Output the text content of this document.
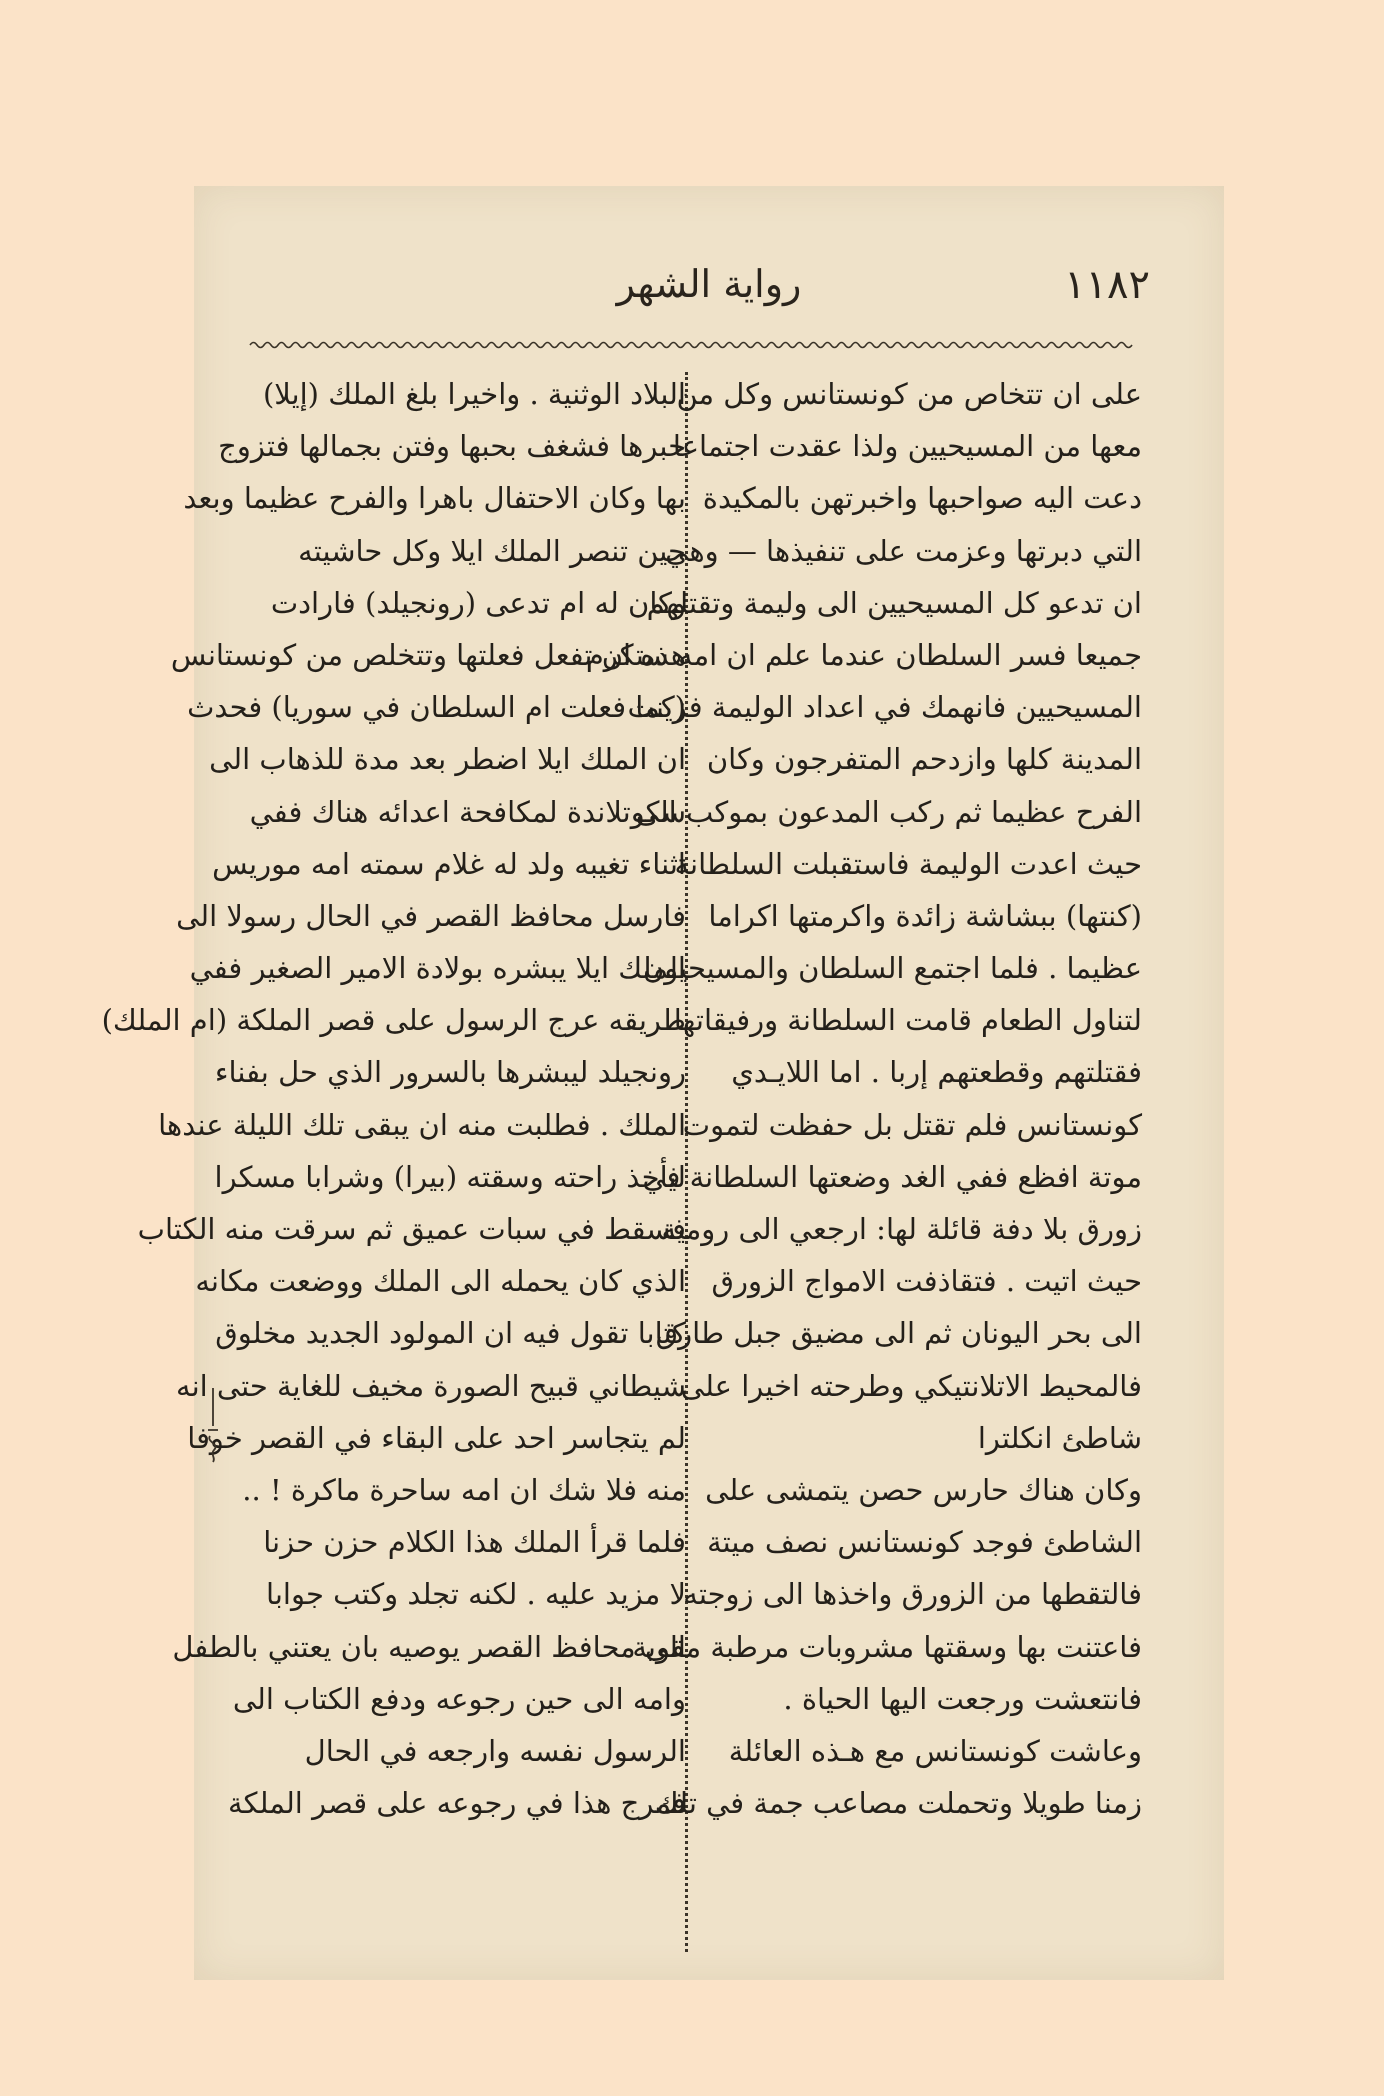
رواية الشهر	١١٨٢
على ان تتخاص من كونستانس وكل من
معها من المسيحيين ولذا عقدت اجتماعا
دعت اليه صواحبها واخبرتهن بالمكيدة
التي دبرتها وعزمت على تنفيذها — وهي
ان تدعو كل المسيحيين الى وليمة وتقتلهم
جميعا فسر السلطان عندما علم ان امه ستكرم
المسيحيين فانهمك في اعداد الوليمة فزينت
المدينة كلها وازدحم المتفرجون وكان
الفرح عظيما ثم ركب المدعون بموكب الى
حيث اعدت الوليمة فاستقبلت السلطانة
(كنتها) ببشاشة زائدة واكرمتها اكراما
عظيما . فلما اجتمع السلطان والمسيحيون
لتناول الطعام قامت السلطانة ورفيقاتها
فقتلتهم وقطعتهم إربا . اما اللايـدي
كونستانس فلم تقتل بل حفظت لتموت
موتة افظع ففي الغد وضعتها السلطانة في
زورق بلا دفة قائلة لها: ارجعي الى رومية
حيث اتيت . فتقاذفت الامواج الزورق
الى بحر اليونان ثم الى مضيق جبل طارق
فالمحيط الاتلانتيكي وطرحته اخيرا على
شاطئ انكلترا
وكان هناك حارس حصن يتمشى على
الشاطئ فوجد كونستانس نصف ميتة
فالتقطها من الزورق واخذها الى زوجته
فاعتنت بها وسقتها مشروبات مرطبة مقوية
فانتعشت ورجعت اليها الحياة .
وعاشت كونستانس مع هـذه العائلة
زمنا طويلا وتحملت مصاعب جمة في تلك
البلاد الوثنية . واخيرا بلغ الملك (إيلا)
خبرها فشغف بحبها وفتن بجمالها فتزوج
بها وكان الاحتفال باهرا والفرح عظيما وبعد
حين تنصر الملك ايلا وكل حاشيته
وكان له ام تدعى (رونجيلد) فارادت
هذه ان تفعل فعلتها وتتخلص من كونستانس
(كما فعلت ام السلطان في سوريا) فحدث
ان الملك ايلا اضطر بعد مدة للذهاب الى
سكوتلاندة لمكافحة اعدائه هناك ففي
اثناء تغيبه ولد له غلام سمته امه موريس
فارسل محافظ القصر في الحال رسولا الى
الملك ايلا يبشره بولادة الامير الصغير ففي
طريقه عرج الرسول على قصر الملكة (ام الملك)
رونجيلد ليبشرها بالسرور الذي حل بفناء
الملك . فطلبت منه ان يبقى تلك الليلة عندها
ليأخذ راحته وسقته (بيرا) وشرابا مسكرا
فسقط في سبات عميق ثم سرقت منه الكتاب
الذي كان يحمله الى الملك ووضعت مكانه
كتابا تقول فيه ان المولود الجديد مخلوق
شيطاني قبيح الصورة مخيف للغاية حتى انه
لم يتجاسر احد على البقاء في القصر خوفا
منه فلا شك ان امه ساحرة ماكرة ! ..
فلما قرأ الملك هذا الكلام حزن حزنا
لا مزيد عليه . لكنه تجلد وكتب جوابا
الى محافظ القصر يوصيه بان يعتني بالطفل
وامه الى حين رجوعه ودفع الكتاب الى
الرسول نفسه وارجعه في الحال
فمرج هذا في رجوعه على قصر الملكة
